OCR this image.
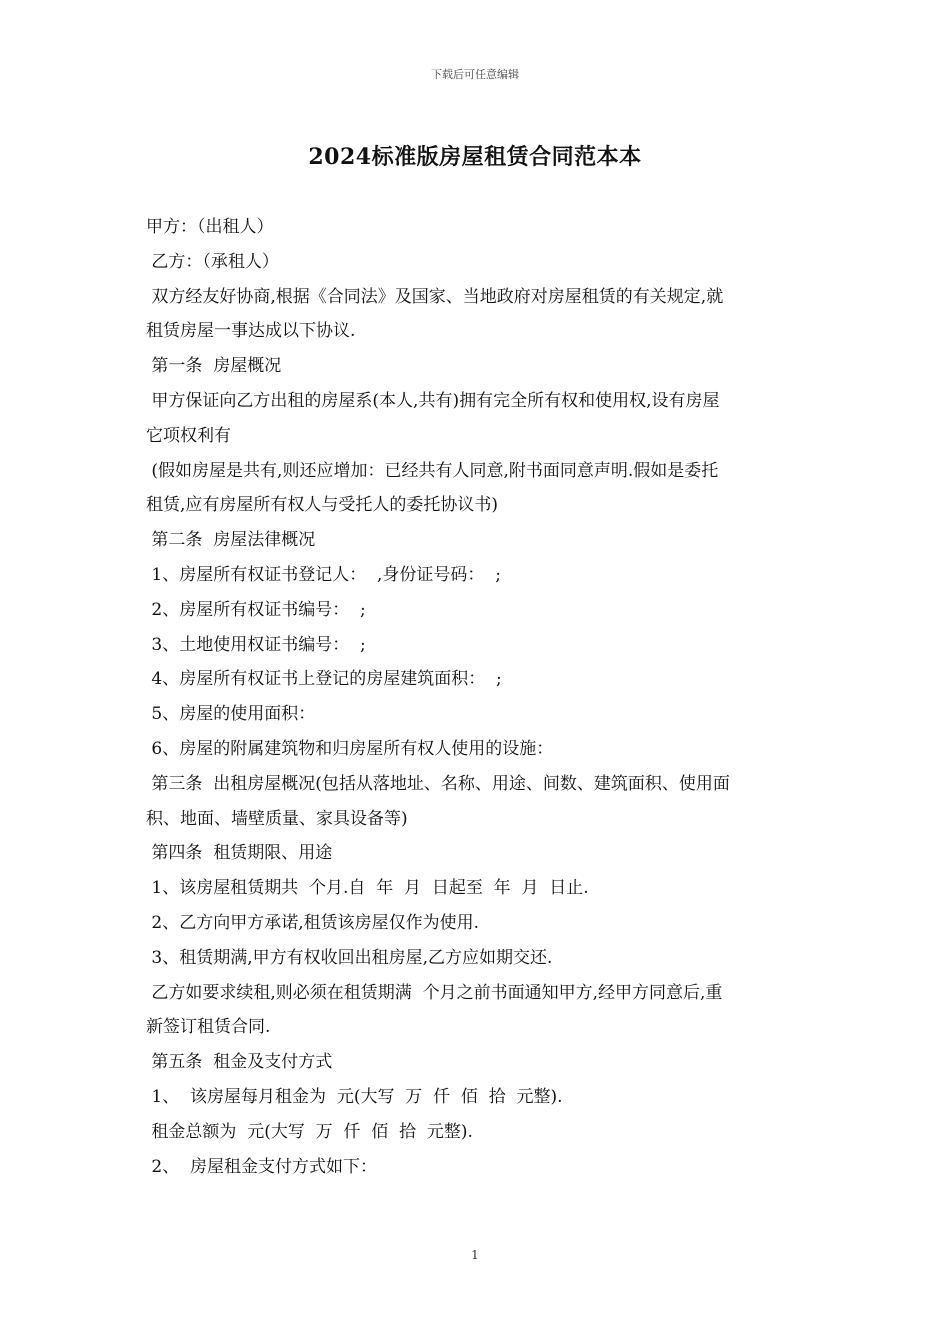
下载后可任意编辑
2024标准版房屋租赁合同范本本
甲方：（出租人）
乙方：（承租人）
双方经友好协商,根据《合同法》及国家、当地政府对房屋租赁的有关规定,就
租赁房屋一事达成以下协议.
第一条  房屋概况
甲方保证向乙方出租的房屋系(本人,共有)拥有完全所有权和使用权,设有房屋
它项权利有
(假如房屋是共有,则还应增加：已经共有人同意,附书面同意声明.假如是委托
租赁,应有房屋所有权人与受托人的委托协议书)
第二条  房屋法律概况
1、房屋所有权证书登记人：  ,身份证号码：  ;
2、房屋所有权证书编号：  ;
3、土地使用权证书编号：  ;
4、房屋所有权证书上登记的房屋建筑面积：  ;
5、房屋的使用面积：
6、房屋的附属建筑物和归房屋所有权人使用的设施：
第三条  出租房屋概况(包括从落地址、名称、用途、间数、建筑面积、使用面
积、地面、墙壁质量、家具设备等)
第四条  租赁期限、用途
1、该房屋租赁期共  个月.自  年  月  日起至  年  月  日止.
2、乙方向甲方承诺,租赁该房屋仅作为使用.
3、租赁期满,甲方有权收回出租房屋,乙方应如期交还.
乙方如要求续租,则必须在租赁期满  个月之前书面通知甲方,经甲方同意后,重
新签订租赁合同.
第五条  租金及支付方式
1、  该房屋每月租金为  元(大写  万  仟  佰  拾  元整).
租金总额为  元(大写  万  仟  佰  拾  元整).
2、  房屋租金支付方式如下：
1
